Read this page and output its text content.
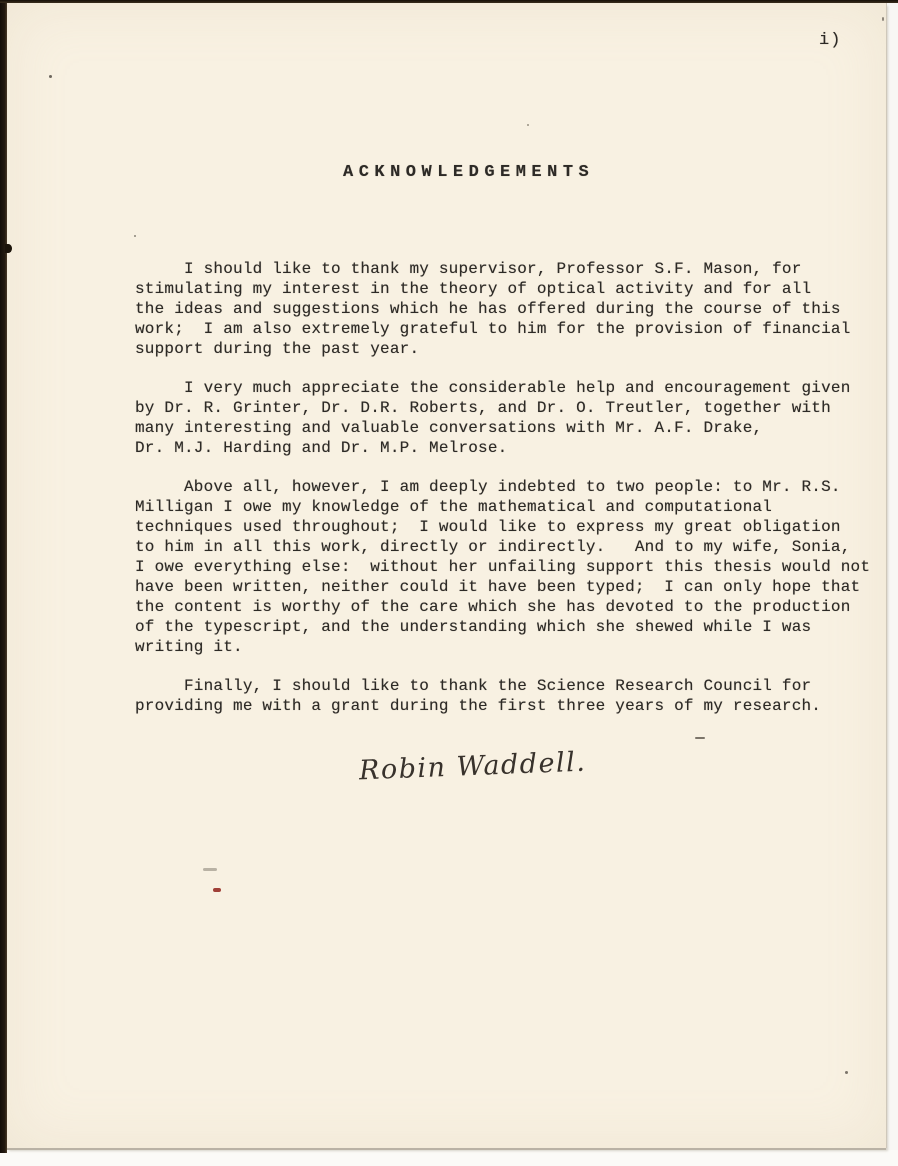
i)
ACKNOWLEDGEMENTS
I should like to thank my supervisor, Professor S.F. Mason, for
stimulating my interest in the theory of optical activity and for all
the ideas and suggestions which he has offered during the course of this
work;  I am also extremely grateful to him for the provision of financial
support during the past year.
I very much appreciate the considerable help and encouragement given
by Dr. R. Grinter, Dr. D.R. Roberts, and Dr. O. Treutler, together with
many interesting and valuable conversations with Mr. A.F. Drake,
Dr. M.J. Harding and Dr. M.P. Melrose.
Above all, however, I am deeply indebted to two people: to Mr. R.S.
Milligan I owe my knowledge of the mathematical and computational
techniques used throughout;  I would like to express my great obligation
to him in all this work, directly or indirectly.   And to my wife, Sonia,
I owe everything else:  without her unfailing support this thesis would not
have been written, neither could it have been typed;  I can only hope that
the content is worthy of the care which she has devoted to the production
of the typescript, and the understanding which she shewed while I was
writing it.
Finally, I should like to thank the Science Research Council for
providing me with a grant during the first three years of my research.
Robin Waddell.
